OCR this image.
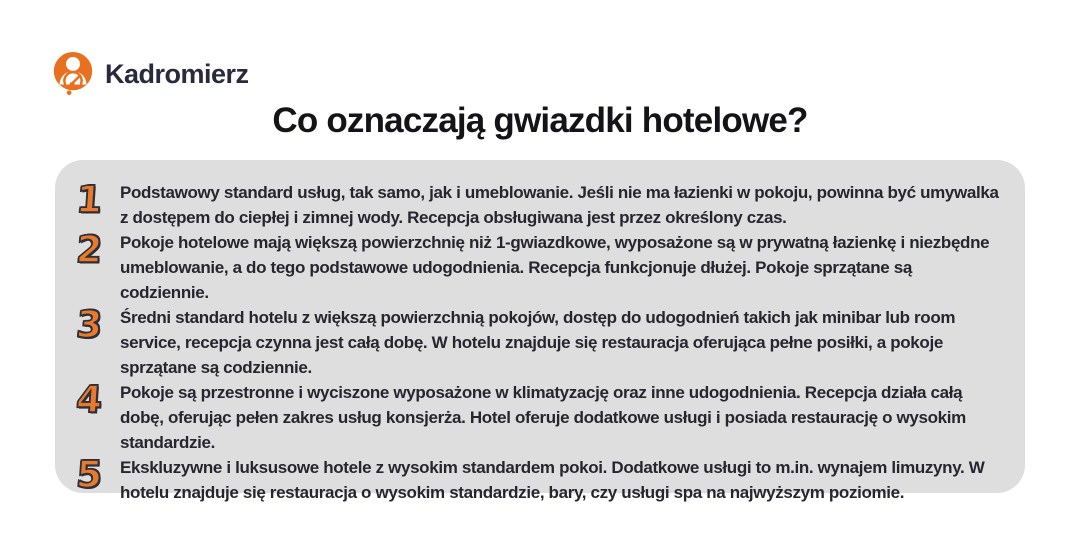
Kadromierz
Co oznaczają gwiazdki hotelowe?
1 Podstawowy standard usług, tak samo, jak i umeblowanie. Jeśli nie ma łazienki w pokoju, powinna być umywalka z dostępem do ciepłej i zimnej wody. Recepcja obsługiwana jest przez określony czas.
2 Pokoje hotelowe mają większą powierzchnię niż 1-gwiazdkowe, wyposażone są w prywatną łazienkę i niezbędne umeblowanie, a do tego podstawowe udogodnienia. Recepcja funkcjonuje dłużej. Pokoje sprzątane są codziennie.
3 Średni standard hotelu z większą powierzchnią pokojów, dostęp do udogodnień takich jak minibar lub room service, recepcja czynna jest całą dobę. W hotelu znajduje się restauracja oferująca pełne posiłki, a pokoje sprzątane są codziennie.
4 Pokoje są przestronne i wyciszone wyposażone w klimatyzację oraz inne udogodnienia. Recepcja działa całą dobę, oferując pełen zakres usług konsjerża. Hotel oferuje dodatkowe usługi i posiada restaurację o wysokim standardzie.
5 Ekskluzywne i luksusowe hotele z wysokim standardem pokoi. Dodatkowe usługi to m.in. wynajem limuzyny. W hotelu znajduje się restauracja o wysokim standardzie, bary, czy usługi spa na najwyższym poziomie.
